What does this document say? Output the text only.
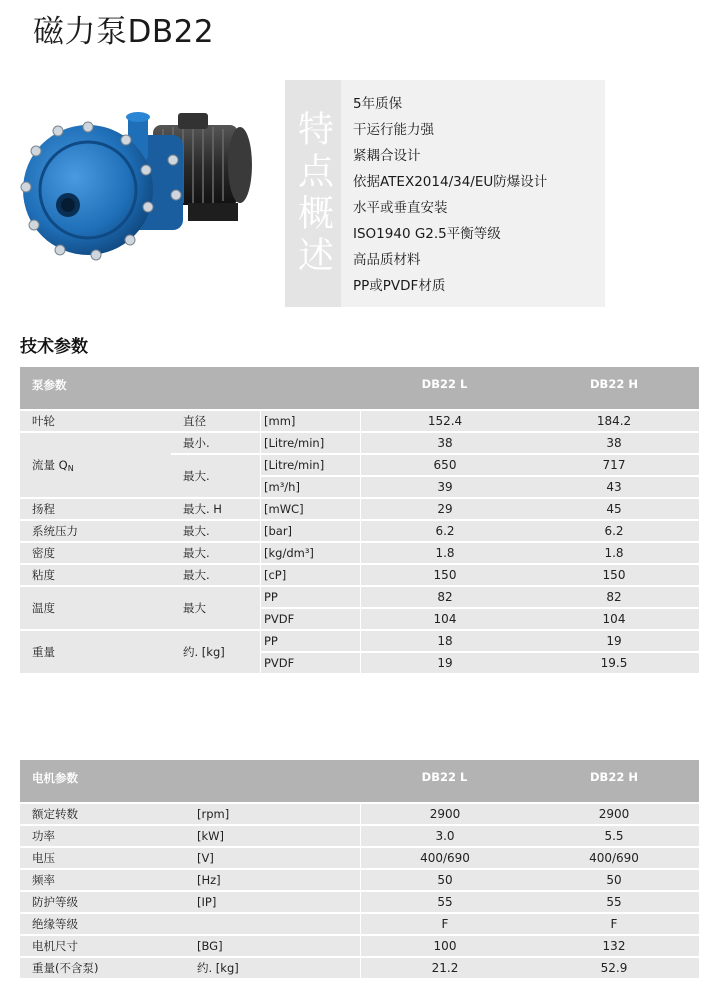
磁力泵DB22
特点概述
5年质保
干运行能力强
紧耦合设计
依据ATEX2014/34/EU防爆设计
水平或垂直安装
ISO1940 G2.5平衡等级
高品质材料
PP或PVDF材质
技术参数
泵参数			DB22 L	DB22 H
叶轮	直径	[mm]	152.4	184.2
流量 $Q_N$	最小.	[Litre/min]	38	38
	最大.	[Litre/min]	650	717
		[m³/h]	39	43
扬程	最大. H	[mWC]	29	45
系统压力	最大.	[bar]	6.2	6.2
密度	最大.	[kg/dm³]	1.8	1.8
粘度	最大.	[cP]	150	150
温度	最大	PP	82	82
		PVDF	104	104
重量	约. [kg]	PP	18	19
		PVDF	19	19.5
电机参数		DB22 L	DB22 H
额定转数	[rpm]	2900	2900
功率	[kW]	3.0	5.5
电压	[V]	400/690	400/690
频率	[Hz]	50	50
防护等级	[IP]	55	55
绝缘等级		F	F
电机尺寸	[BG]	100	132
重量(不含泵)	约. [kg]	21.2	52.9
